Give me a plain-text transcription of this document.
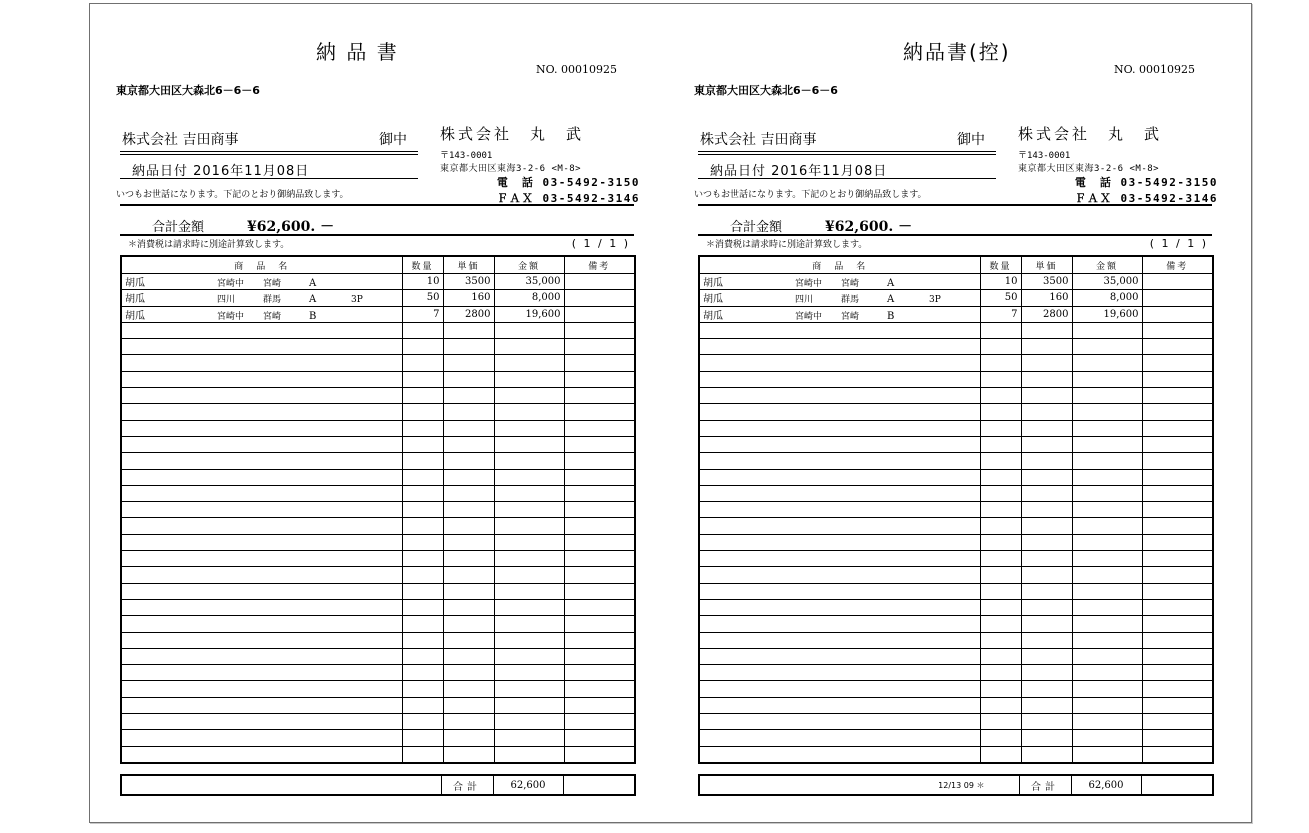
納 品 書
NO. 00010925
東京都大田区大森北6－6－6
株式会社 吉田商事	御中
納品日付 2016年11月08日
いつもお世話になります。下記のとおり御納品致します。
株式会社　丸　武
〒143-0001
東京都大田区東海3-2-6 <M-8>
電　話 03-5492-3150
ＦＡＸ 03-5492-3146
合計金額	¥62,600. －
＊消費税は請求時に別途計算致します。	( 1 / 1 )
商　品　名	数量	単価	金額	備考
胡瓜 宮崎中 宮崎 A	10	3500	35,000	
胡瓜 四川 群馬 A 3P	50	160	8,000	
胡瓜 宮崎中 宮崎 B	7	2800	19,600	

	合計	62,600	
納品書(控)
NO. 00010925
東京都大田区大森北6－6－6
株式会社 吉田商事	御中
納品日付 2016年11月08日
いつもお世話になります。下記のとおり御納品致します。
株式会社　丸　武
〒143-0001
東京都大田区東海3-2-6 <M-8>
電　話 03-5492-3150
ＦＡＸ 03-5492-3146
合計金額	¥62,600. －
＊消費税は請求時に別途計算致します。	( 1 / 1 )
商　品　名	数量	単価	金額	備考
胡瓜 宮崎中 宮崎 A	10	3500	35,000	
胡瓜 四川 群馬 A 3P	50	160	8,000	
胡瓜 宮崎中 宮崎 B	7	2800	19,600	

12/13 09 ＊	合計	62,600	
